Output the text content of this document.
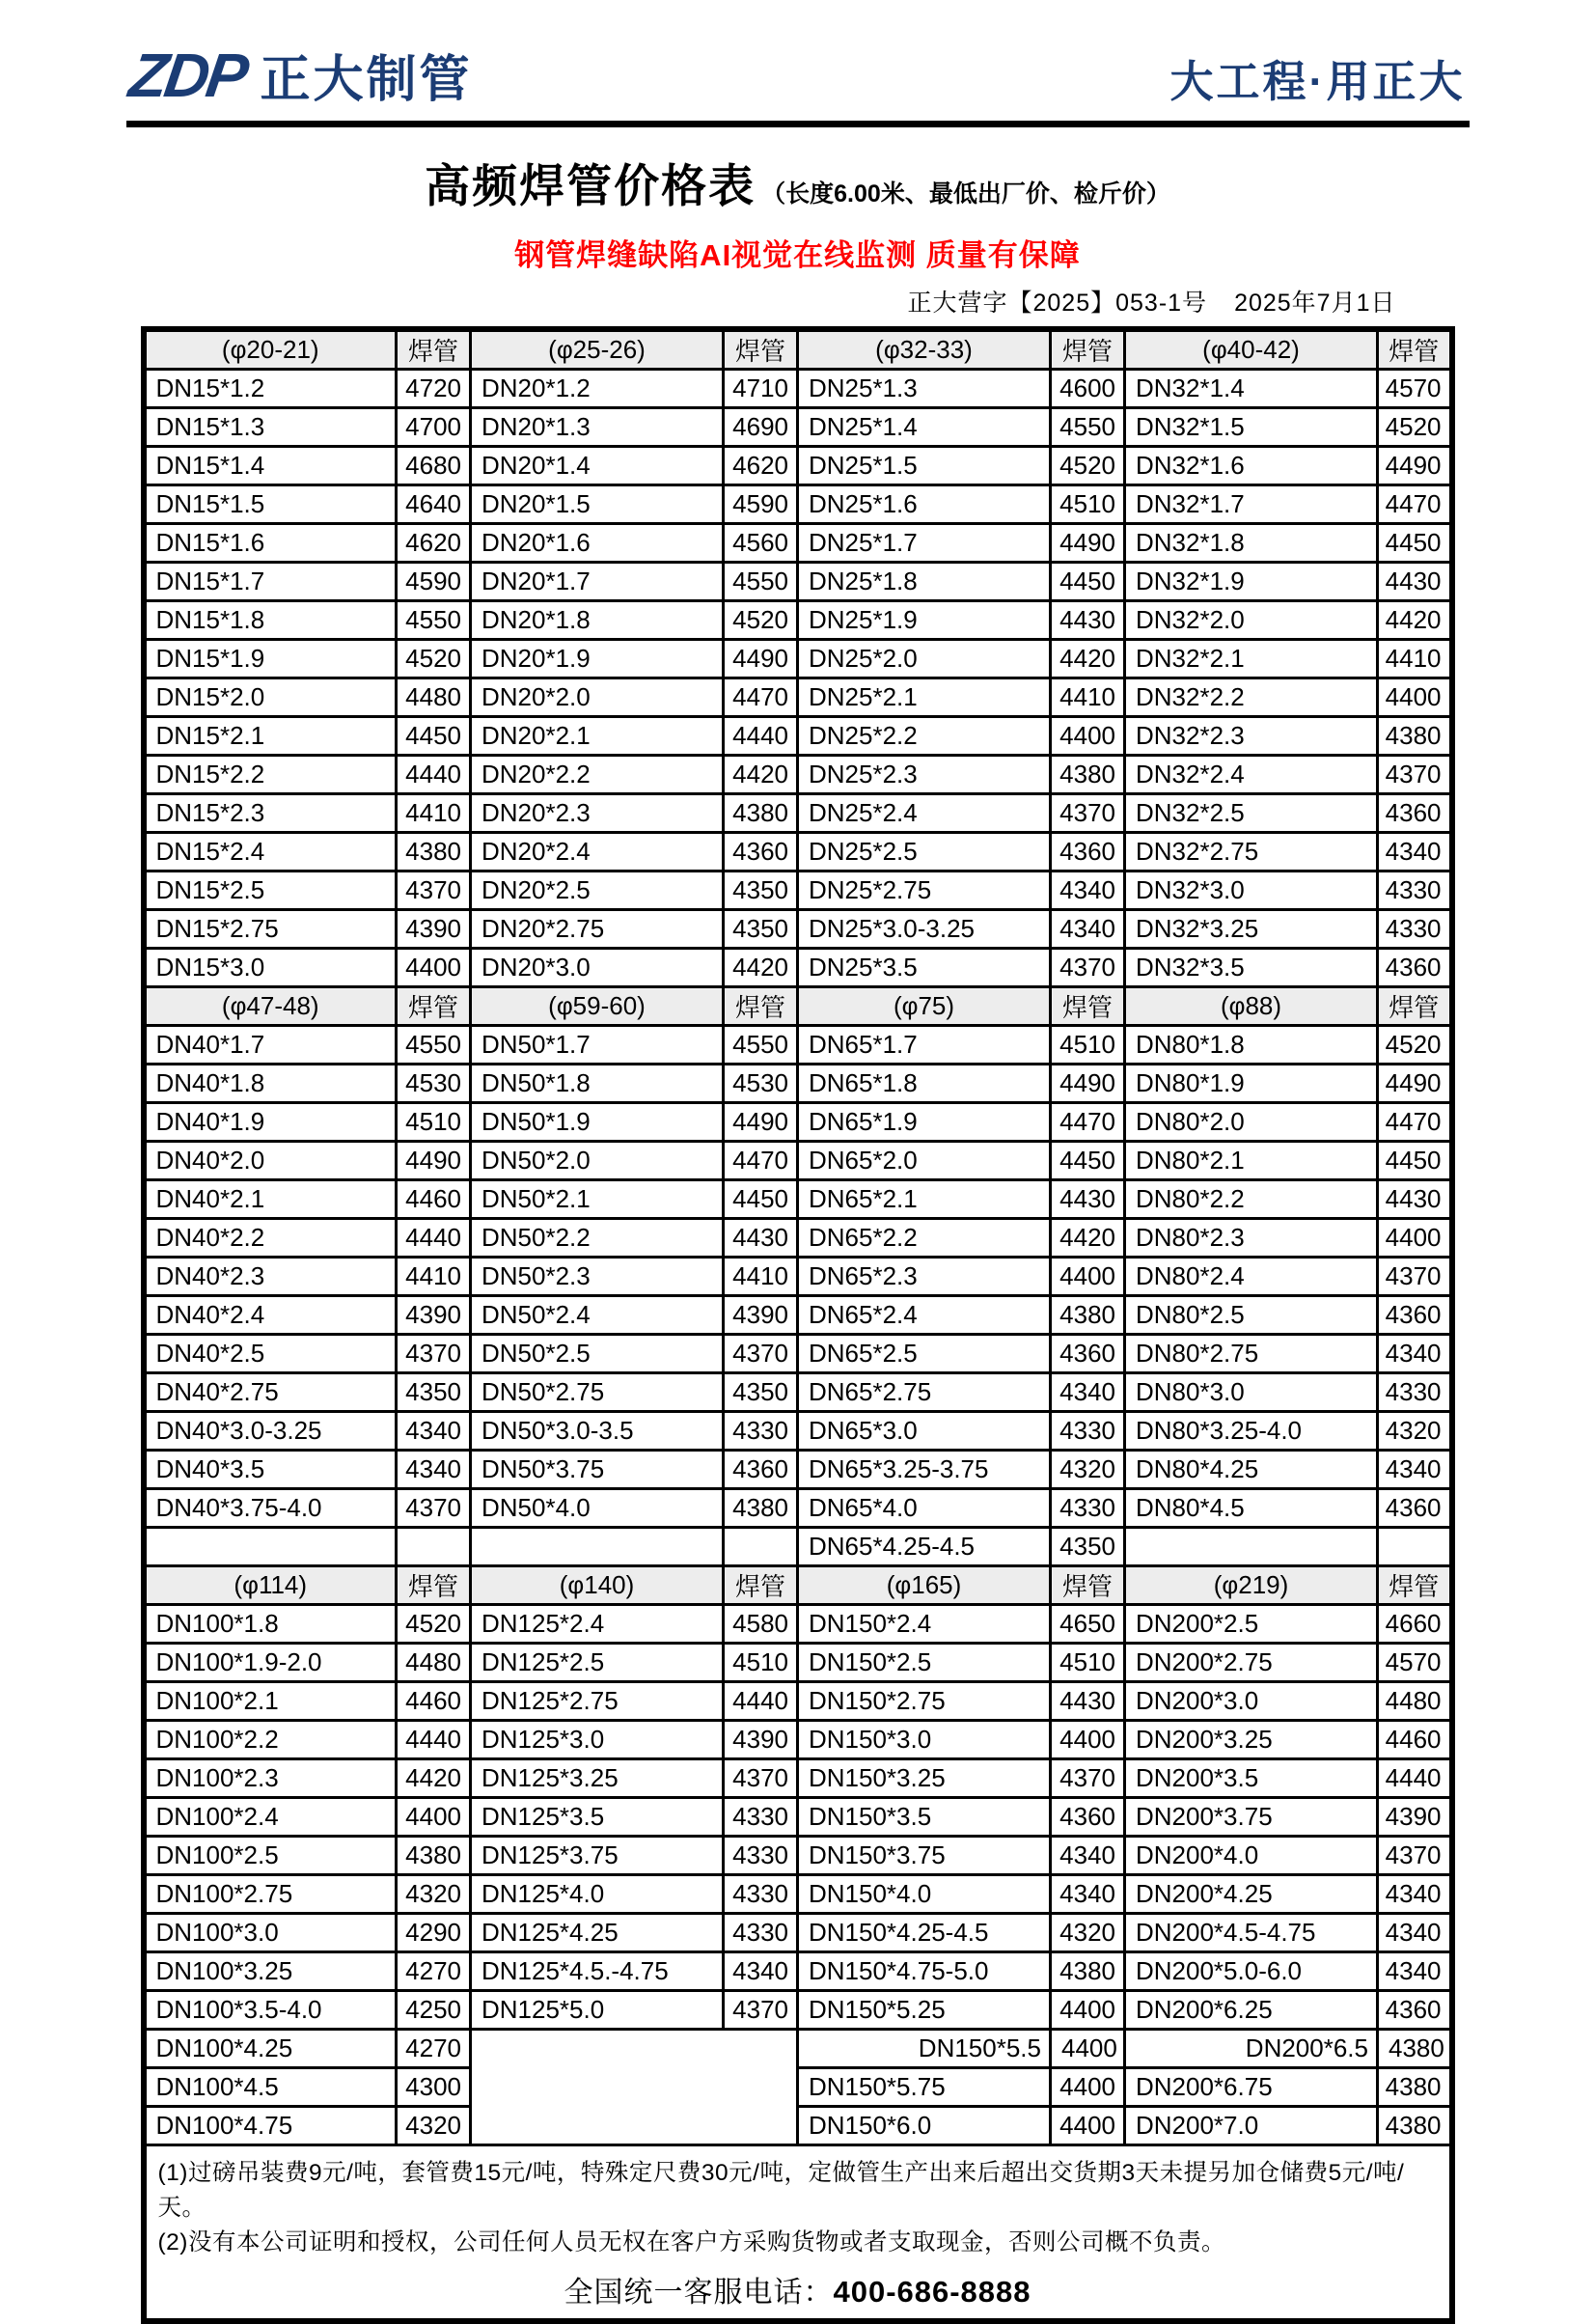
ZDP 正大制管	大工程·用正大
高频焊管价格表 （长度6.00米、最低出厂价、检斤价）
钢管焊缝缺陷AI视觉在线监测 质量有保障
正大营字【2025】053-1号 2025年7月1日
(φ20-21)	焊管	(φ25-26)	焊管	(φ32-33)	焊管	(φ40-42)	焊管
DN15*1.2	4720	DN20*1.2	4710	DN25*1.3	4600	DN32*1.4	4570
DN15*1.3	4700	DN20*1.3	4690	DN25*1.4	4550	DN32*1.5	4520
DN15*1.4	4680	DN20*1.4	4620	DN25*1.5	4520	DN32*1.6	4490
DN15*1.5	4640	DN20*1.5	4590	DN25*1.6	4510	DN32*1.7	4470
DN15*1.6	4620	DN20*1.6	4560	DN25*1.7	4490	DN32*1.8	4450
DN15*1.7	4590	DN20*1.7	4550	DN25*1.8	4450	DN32*1.9	4430
DN15*1.8	4550	DN20*1.8	4520	DN25*1.9	4430	DN32*2.0	4420
DN15*1.9	4520	DN20*1.9	4490	DN25*2.0	4420	DN32*2.1	4410
DN15*2.0	4480	DN20*2.0	4470	DN25*2.1	4410	DN32*2.2	4400
DN15*2.1	4450	DN20*2.1	4440	DN25*2.2	4400	DN32*2.3	4380
DN15*2.2	4440	DN20*2.2	4420	DN25*2.3	4380	DN32*2.4	4370
DN15*2.3	4410	DN20*2.3	4380	DN25*2.4	4370	DN32*2.5	4360
DN15*2.4	4380	DN20*2.4	4360	DN25*2.5	4360	DN32*2.75	4340
DN15*2.5	4370	DN20*2.5	4350	DN25*2.75	4340	DN32*3.0	4330
DN15*2.75	4390	DN20*2.75	4350	DN25*3.0-3.25	4340	DN32*3.25	4330
DN15*3.0	4400	DN20*3.0	4420	DN25*3.5	4370	DN32*3.5	4360
(φ47-48)	焊管	(φ59-60)	焊管	(φ75)	焊管	(φ88)	焊管
DN40*1.7	4550	DN50*1.7	4550	DN65*1.7	4510	DN80*1.8	4520
DN40*1.8	4530	DN50*1.8	4530	DN65*1.8	4490	DN80*1.9	4490
DN40*1.9	4510	DN50*1.9	4490	DN65*1.9	4470	DN80*2.0	4470
DN40*2.0	4490	DN50*2.0	4470	DN65*2.0	4450	DN80*2.1	4450
DN40*2.1	4460	DN50*2.1	4450	DN65*2.1	4430	DN80*2.2	4430
DN40*2.2	4440	DN50*2.2	4430	DN65*2.2	4420	DN80*2.3	4400
DN40*2.3	4410	DN50*2.3	4410	DN65*2.3	4400	DN80*2.4	4370
DN40*2.4	4390	DN50*2.4	4390	DN65*2.4	4380	DN80*2.5	4360
DN40*2.5	4370	DN50*2.5	4370	DN65*2.5	4360	DN80*2.75	4340
DN40*2.75	4350	DN50*2.75	4350	DN65*2.75	4340	DN80*3.0	4330
DN40*3.0-3.25	4340	DN50*3.0-3.5	4330	DN65*3.0	4330	DN80*3.25-4.0	4320
DN40*3.5	4340	DN50*3.75	4360	DN65*3.25-3.75	4320	DN80*4.25	4340
DN40*3.75-4.0	4370	DN50*4.0	4380	DN65*4.0	4330	DN80*4.5	4360
				DN65*4.25-4.5	4350		
(φ114)	焊管	(φ140)	焊管	(φ165)	焊管	(φ219)	焊管
DN100*1.8	4520	DN125*2.4	4580	DN150*2.4	4650	DN200*2.5	4660
DN100*1.9-2.0	4480	DN125*2.5	4510	DN150*2.5	4510	DN200*2.75	4570
DN100*2.1	4460	DN125*2.75	4440	DN150*2.75	4430	DN200*3.0	4480
DN100*2.2	4440	DN125*3.0	4390	DN150*3.0	4400	DN200*3.25	4460
DN100*2.3	4420	DN125*3.25	4370	DN150*3.25	4370	DN200*3.5	4440
DN100*2.4	4400	DN125*3.5	4330	DN150*3.5	4360	DN200*3.75	4390
DN100*2.5	4380	DN125*3.75	4330	DN150*3.75	4340	DN200*4.0	4370
DN100*2.75	4320	DN125*4.0	4330	DN150*4.0	4340	DN200*4.25	4340
DN100*3.0	4290	DN125*4.25	4330	DN150*4.25-4.5	4320	DN200*4.5-4.75	4340
DN100*3.25	4270	DN125*4.5.-4.75	4340	DN150*4.75-5.0	4380	DN200*5.0-6.0	4340
DN100*3.5-4.0	4250	DN125*5.0	4370	DN150*5.25	4400	DN200*6.25	4360
DN100*4.25	4270			DN150*5.5	4400	DN200*6.5	4380
DN100*4.5	4300			DN150*5.75	4400	DN200*6.75	4380
DN100*4.75	4320			DN150*6.0	4400	DN200*7.0	4380

(1)过磅吊装费9元/吨，套管费15元/吨，特殊定尺费30元/吨，定做管生产出来后超出交货期3天未提另加仓储费5元/吨/天。
(2)没有本公司证明和授权，公司任何人员无权在客户方采购货物或者支取现金，否则公司概不负责。
全国统一客服电话：400-686-8888							
